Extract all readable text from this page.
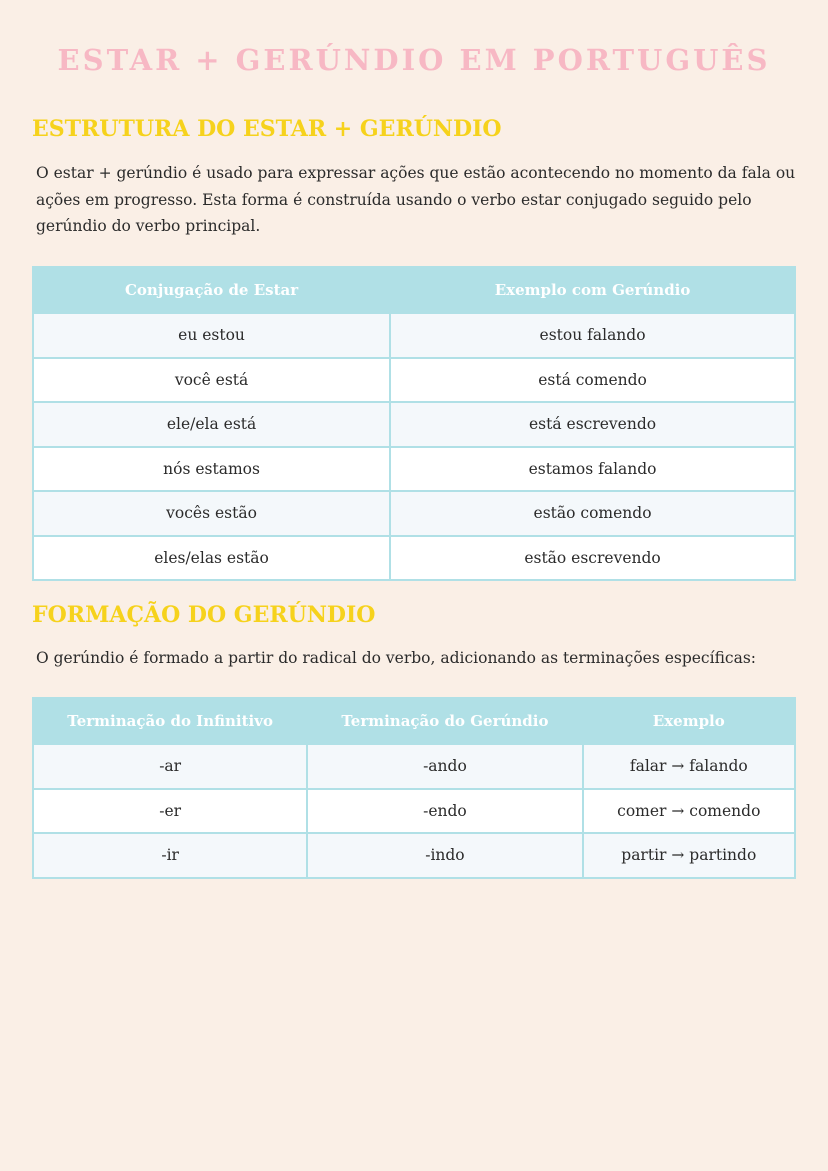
ESTAR + GERÚNDIO EM PORTUGUÊS
ESTRUTURA DO ESTAR + GERÚNDIO

O estar + gerúndio é usado para expressar ações que estão acontecendo no momento da fala ou
ações em progresso. Esta forma é construída usando o verbo estar conjugado seguido pelo
gerúndio do verbo principal.

Conjugação de Estar	Exemplo com Gerúndio
eu estou	estou falando
você está	está comendo
ele/ela está	está escrevendo
nós estamos	estamos falando
vocês estão	estão comendo
eles/elas estão	estão escrevendo
FORMAÇÃO DO GERÚNDIO

O gerúndio é formado a partir do radical do verbo, adicionando as terminações específicas:

Terminação do Infinitivo	Terminação do Gerúndio	Exemplo
-ar	-ando	falar → falando
-er	-endo	comer → comendo
-ir	-indo	partir → partindo
